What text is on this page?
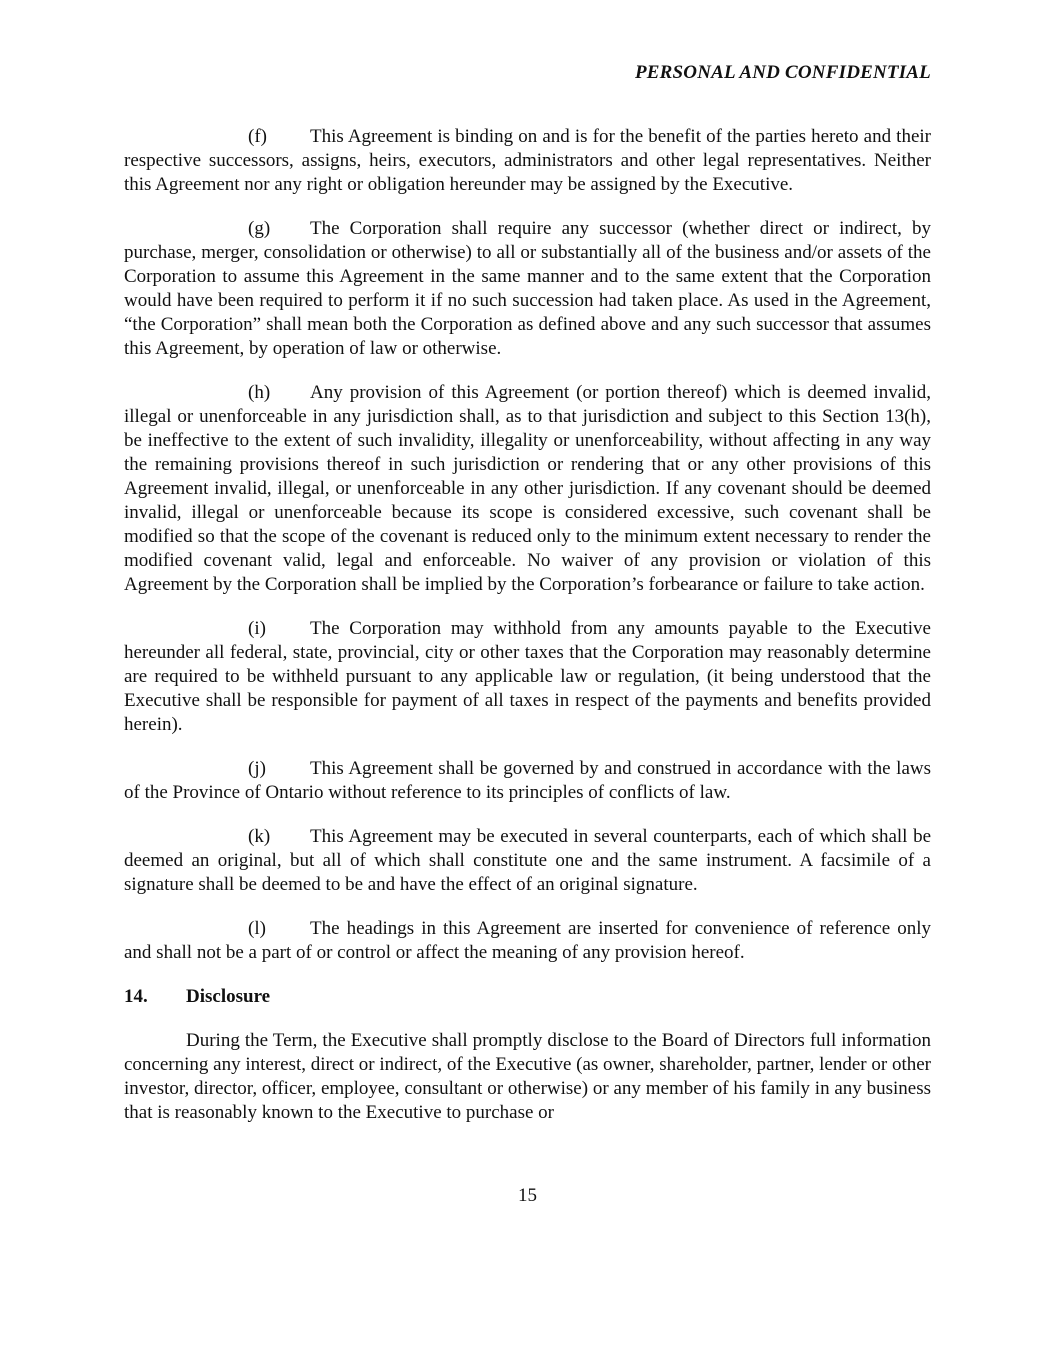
PERSONAL AND CONFIDENTIAL

(f) This Agreement is binding on and is for the benefit of the parties hereto and their respective successors, assigns, heirs, executors, administrators and other legal representatives. Neither this Agreement nor any right or obligation hereunder may be assigned by the Executive.

(g) The Corporation shall require any successor (whether direct or indirect, by purchase, merger, consolidation or otherwise) to all or substantially all of the business and/or assets of the Corporation to assume this Agreement in the same manner and to the same extent that the Corporation would have been required to perform it if no such succession had taken place. As used in the Agreement, “the Corporation” shall mean both the Corporation as defined above and any such successor that assumes this Agreement, by operation of law or otherwise.

(h) Any provision of this Agreement (or portion thereof) which is deemed invalid, illegal or unenforceable in any jurisdiction shall, as to that jurisdiction and subject to this Section 13(h), be ineffective to the extent of such invalidity, illegality or unenforceability, without affecting in any way the remaining provisions thereof in such jurisdiction or rendering that or any other provisions of this Agreement invalid, illegal, or unenforceable in any other jurisdiction. If any covenant should be deemed invalid, illegal or unenforceable because its scope is considered excessive, such covenant shall be modified so that the scope of the covenant is reduced only to the minimum extent necessary to render the modified covenant valid, legal and enforceable. No waiver of any provision or violation of this Agreement by the Corporation shall be implied by the Corporation’s forbearance or failure to take action.

(i) The Corporation may withhold from any amounts payable to the Executive hereunder all federal, state, provincial, city or other taxes that the Corporation may reasonably determine are required to be withheld pursuant to any applicable law or regulation, (it being understood that the Executive shall be responsible for payment of all taxes in respect of the payments and benefits provided herein).

(j) This Agreement shall be governed by and construed in accordance with the laws of the Province of Ontario without reference to its principles of conflicts of law.

(k) This Agreement may be executed in several counterparts, each of which shall be deemed an original, but all of which shall constitute one and the same instrument. A facsimile of a signature shall be deemed to be and have the effect of an original signature.

(l) The headings in this Agreement are inserted for convenience of reference only and shall not be a part of or control or affect the meaning of any provision hereof.

14. Disclosure

During the Term, the Executive shall promptly disclose to the Board of Directors full information concerning any interest, direct or indirect, of the Executive (as owner, shareholder, partner, lender or other investor, director, officer, employee, consultant or otherwise) or any member of his family in any business that is reasonably known to the Executive to purchase or

15
